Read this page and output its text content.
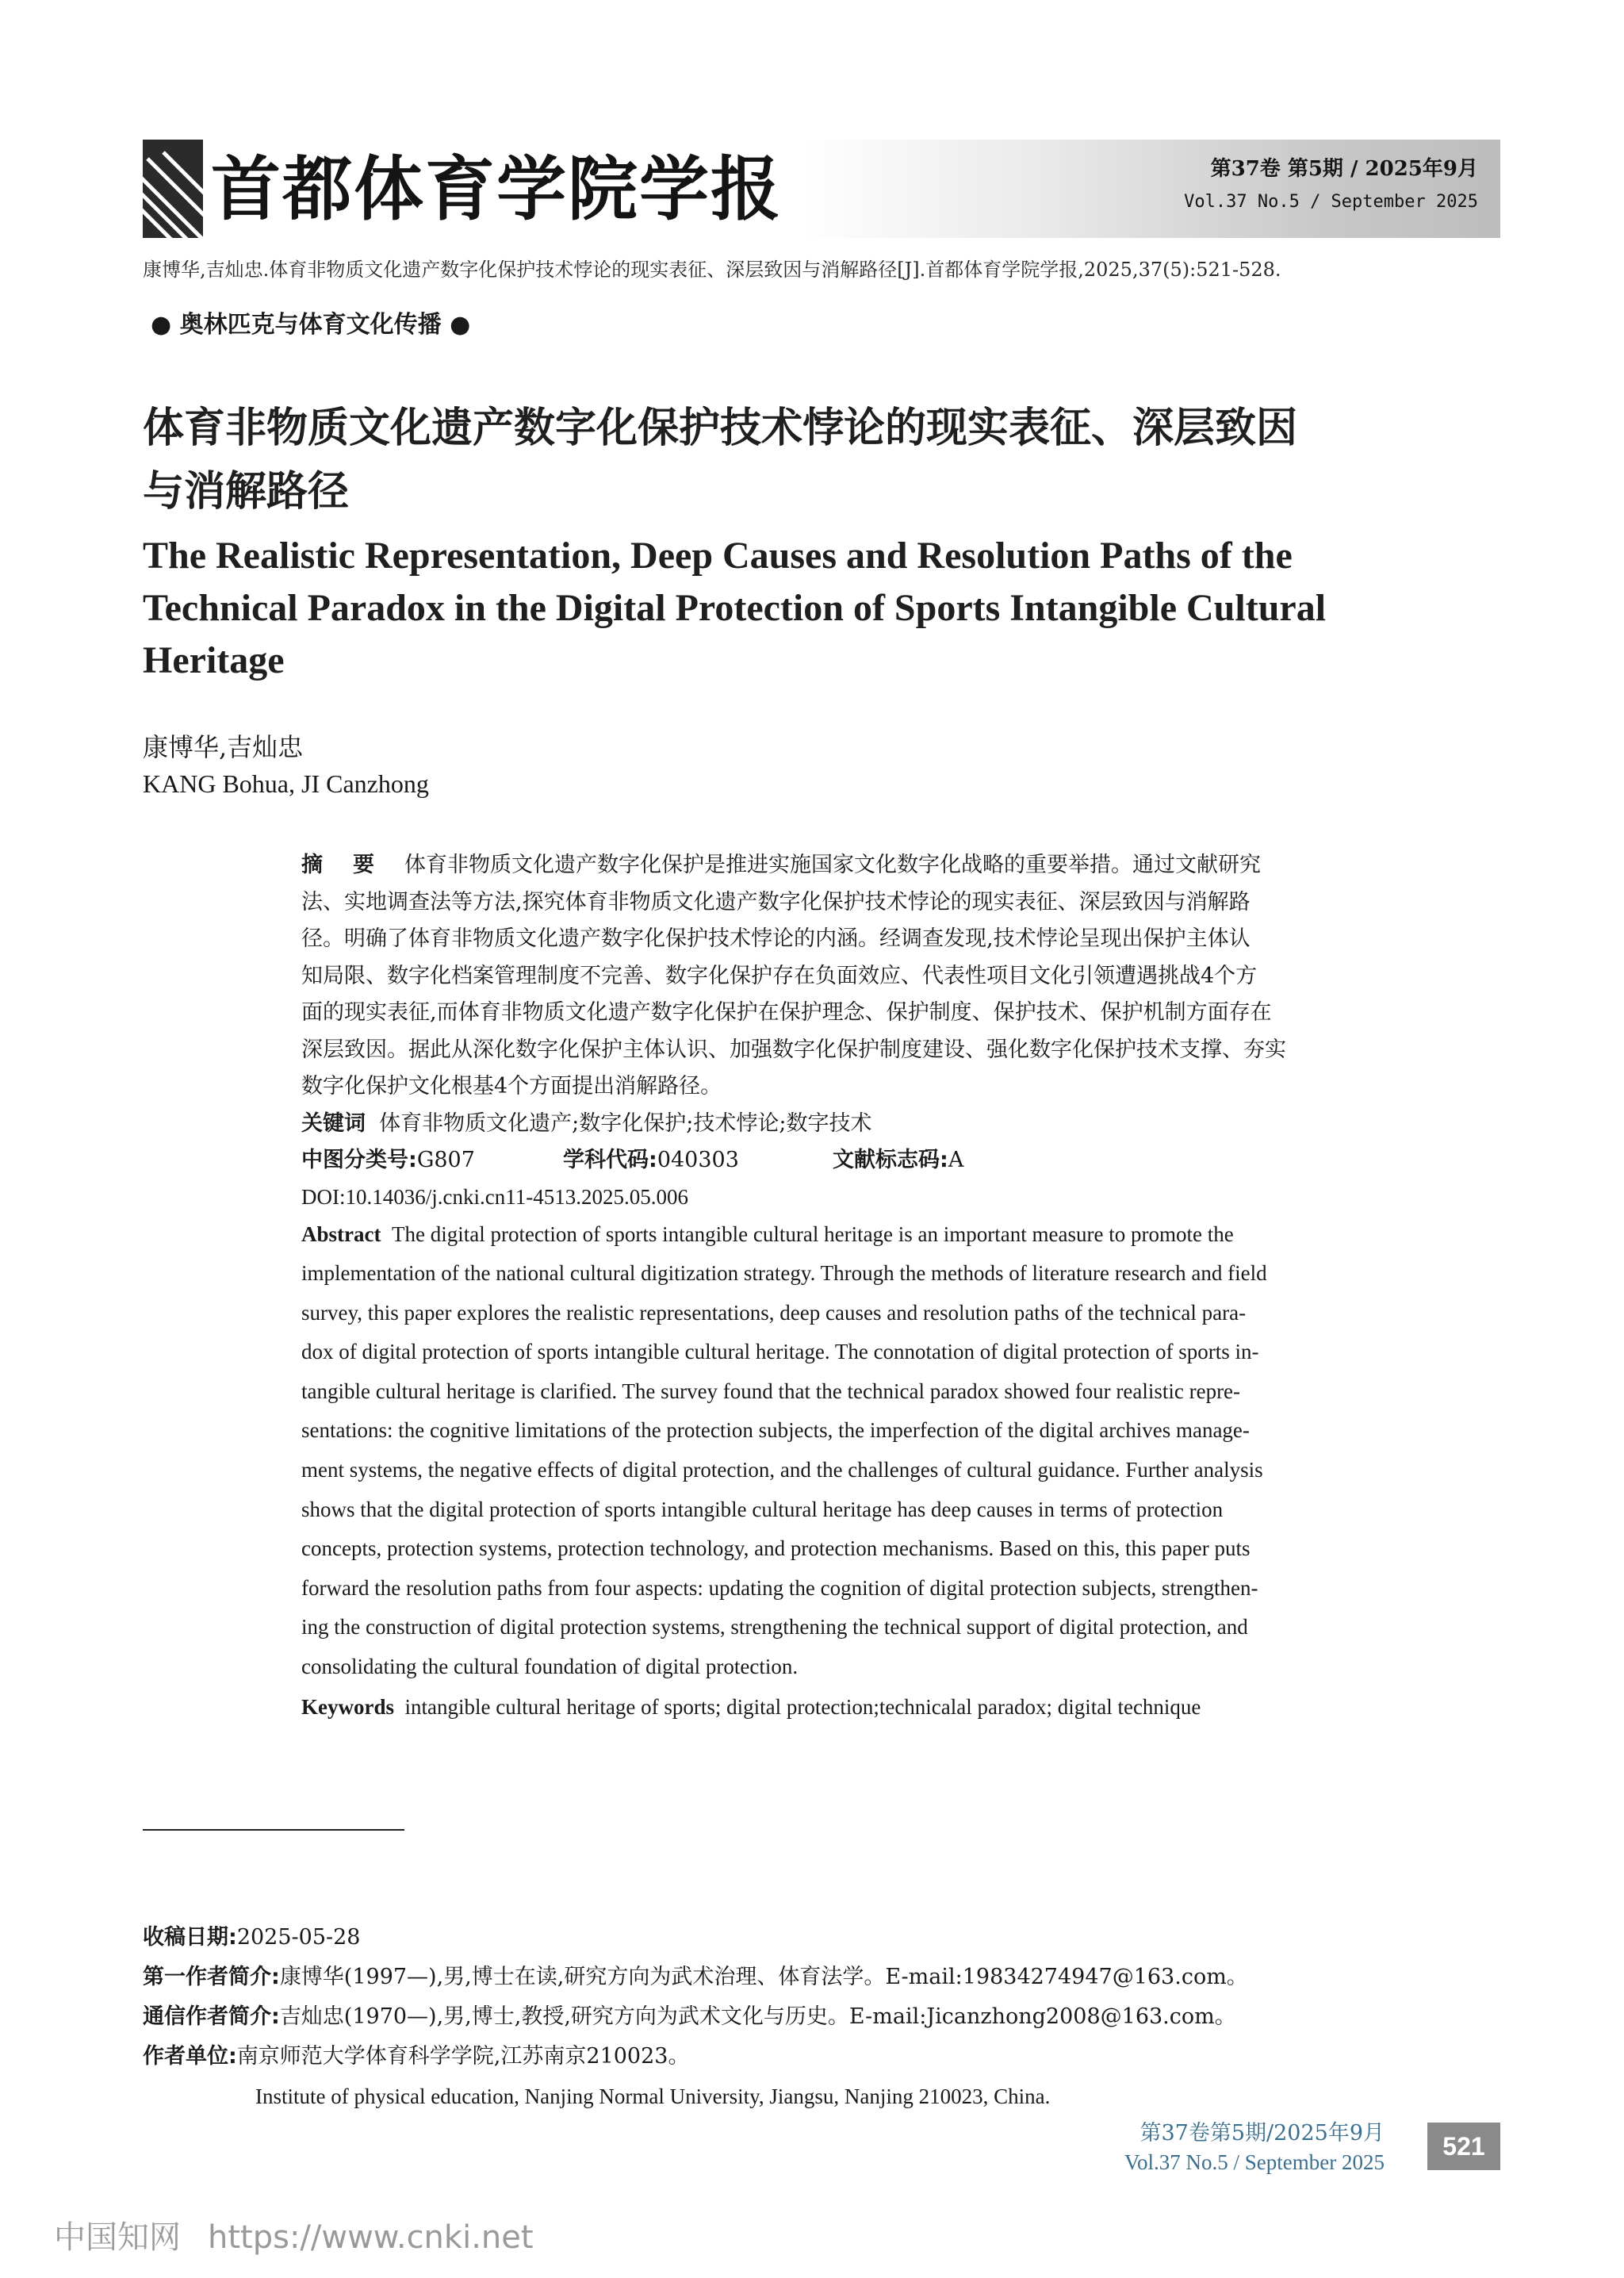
首都体育学院学报	第37卷 第5期 / 2025年9月
Vol.37 No.5 / September 2025
康博华,吉灿忠.体育非物质文化遗产数字化保护技术悖论的现实表征、深层致因与消解路径[J].首都体育学院学报,2025,37(5):521-528.
● 奥林匹克与体育文化传播 ●
体育非物质文化遗产数字化保护技术悖论的现实表征、深层致因
与消解路径
The Realistic Representation, Deep Causes and Resolution Paths of the
Technical Paradox in the Digital Protection of Sports Intangible Cultural
Heritage
康博华,吉灿忠
KANG Bohua, JI Canzhong

摘 要 体育非物质文化遗产数字化保护是推进实施国家文化数字化战略的重要举措。通过文献研究
法、实地调查法等方法,探究体育非物质文化遗产数字化保护技术悖论的现实表征、深层致因与消解路
径。明确了体育非物质文化遗产数字化保护技术悖论的内涵。经调查发现,技术悖论呈现出保护主体认
知局限、数字化档案管理制度不完善、数字化保护存在负面效应、代表性项目文化引领遭遇挑战4个方
面的现实表征,而体育非物质文化遗产数字化保护在保护理念、保护制度、保护技术、保护机制方面存在
深层致因。据此从深化数字化保护主体认识、加强数字化保护制度建设、强化数字化保护技术支撑、夯实
数字化保护文化根基4个方面提出消解路径。

关键词 体育非物质文化遗产;数字化保护;技术悖论;数字技术

中图分类号:G807	学科代码:040303	文献标志码:A

DOI:10.14036/j.cnki.cn11-4513.2025.05.006

Abstract The digital protection of sports intangible cultural heritage is an important measure to promote the
implementation of the national cultural digitization strategy. Through the methods of literature research and field
survey, this paper explores the realistic representations, deep causes and resolution paths of the technical para-
dox of digital protection of sports intangible cultural heritage. The connotation of digital protection of sports in-
tangible cultural heritage is clarified. The survey found that the technical paradox showed four realistic repre-
sentations: the cognitive limitations of the protection subjects, the imperfection of the digital archives manage-
ment systems, the negative effects of digital protection, and the challenges of cultural guidance. Further analysis
shows that the digital protection of sports intangible cultural heritage has deep causes in terms of protection
concepts, protection systems, protection technology, and protection mechanisms. Based on this, this paper puts
forward the resolution paths from four aspects: updating the cognition of digital protection subjects, strengthen-
ing the construction of digital protection systems, strengthening the technical support of digital protection, and
consolidating the cultural foundation of digital protection.

Keywords intangible cultural heritage of sports; digital protection;technicalal paradox; digital technique

收稿日期:2025-05-28

第一作者简介:康博华(1997—),男,博士在读,研究方向为武术治理、体育法学。E-mail:19834274947@163.com。

通信作者简介:吉灿忠(1970—),男,博士,教授,研究方向为武术文化与历史。E-mail:Jicanzhong2008@163.com。

作者单位:南京师范大学体育科学学院,江苏南京210023。

Institute of physical education, Nanjing Normal University, Jiangsu, Nanjing 210023, China.

第37卷第5期/2025年9月
Vol.37 No.5 / September 2025
521
中国知网 https://www.cnki.net
